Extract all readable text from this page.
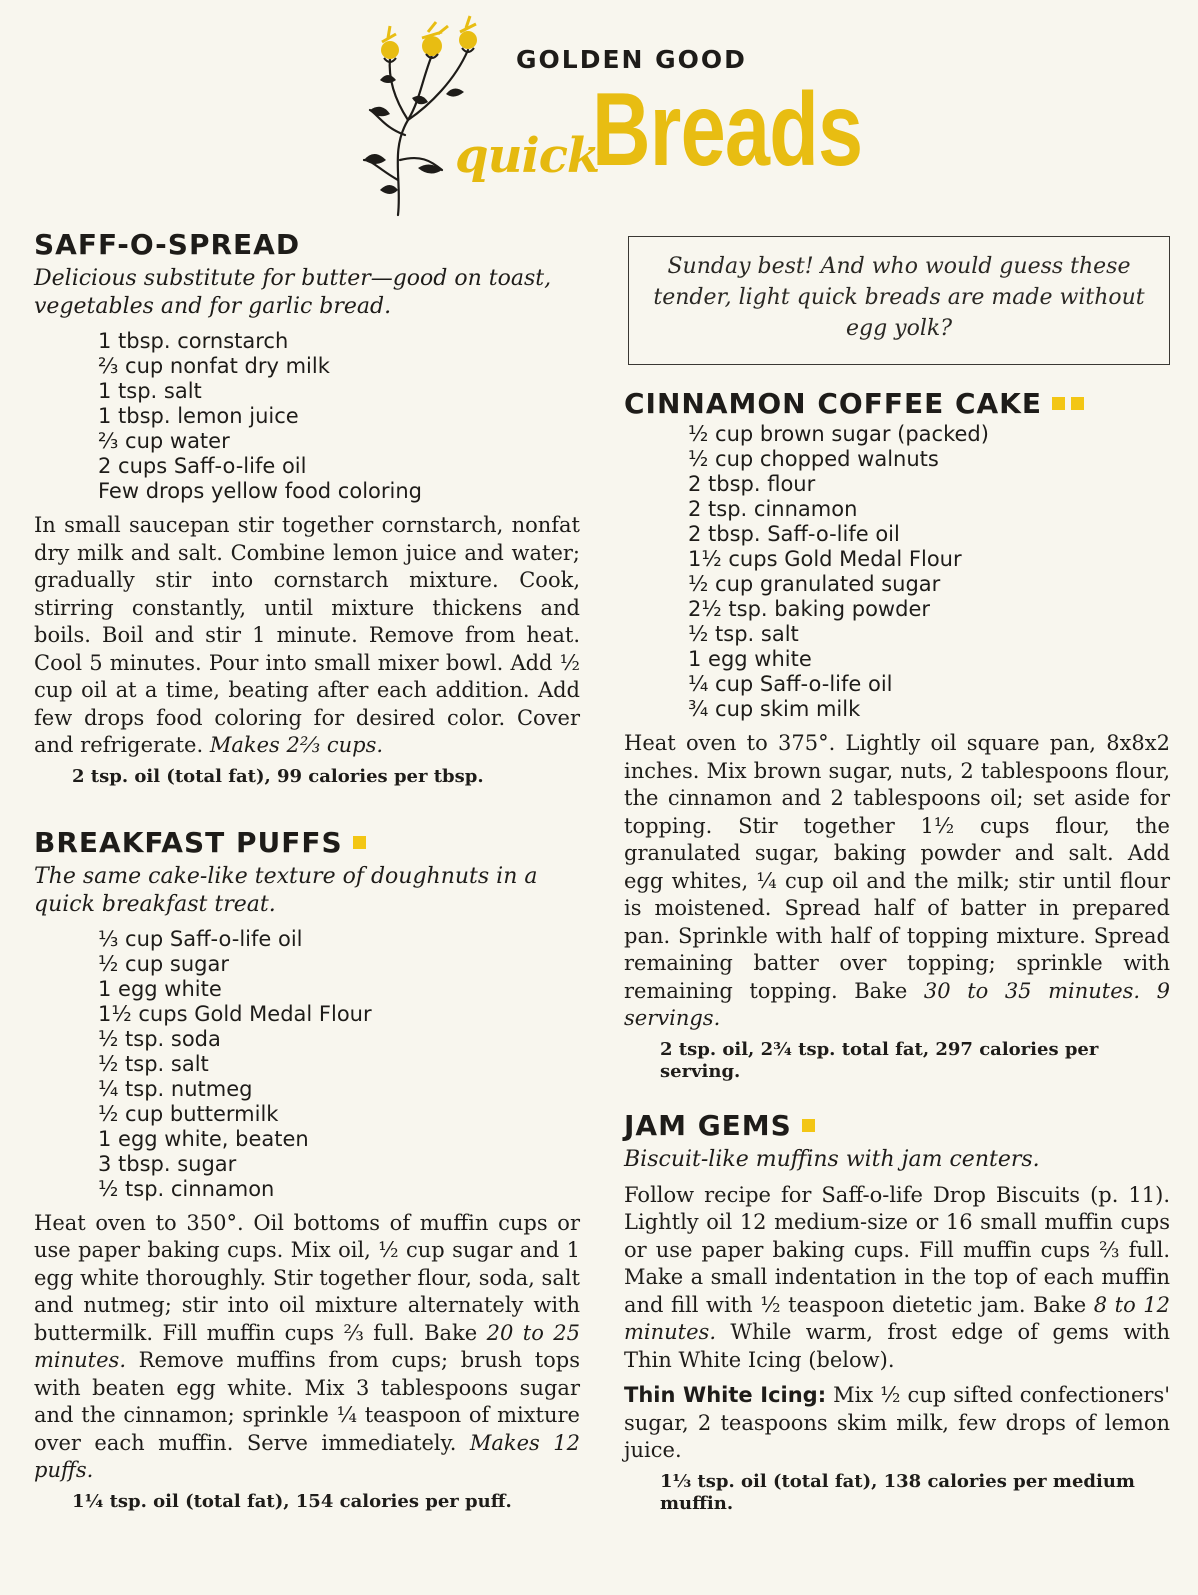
GOLDEN GOOD
quick
Breads
SAFF-O-SPREAD

Delicious substitute for butter—good on toast, vegetables and for garlic bread.

1 tbsp. cornstarch
⅔ cup nonfat dry milk
1 tsp. salt
1 tbsp. lemon juice
⅔ cup water
2 cups Saff-o-life oil
Few drops yellow food coloring

In small saucepan stir together cornstarch, nonfat dry milk and salt. Combine lemon juice and water; gradually stir into cornstarch mixture. Cook, stirring constantly, until mixture thickens and boils. Boil and stir 1 minute. Remove from heat. Cool 5 minutes. Pour into small mixer bowl. Add ½ cup oil at a time, beating after each addition. Add few drops food coloring for desired color. Cover and refrigerate. Makes 2⅔ cups.

2 tsp. oil (total fat), 99 calories per tbsp.

BREAKFAST PUFFS

The same cake-like texture of doughnuts in a quick breakfast treat.

⅓ cup Saff-o-life oil
½ cup sugar
1 egg white
1½ cups Gold Medal Flour
½ tsp. soda
½ tsp. salt
¼ tsp. nutmeg
½ cup buttermilk
1 egg white, beaten
3 tbsp. sugar
½ tsp. cinnamon

Heat oven to 350°. Oil bottoms of muffin cups or use paper baking cups. Mix oil, ½ cup sugar and 1 egg white thoroughly. Stir together flour, soda, salt and nutmeg; stir into oil mixture alternately with buttermilk. Fill muffin cups ⅔ full. Bake 20 to 25 minutes. Remove muffins from cups; brush tops with beaten egg white. Mix 3 tablespoons sugar and the cinnamon; sprinkle ¼ teaspoon of mixture over each muffin. Serve immediately. Makes 12 puffs.

1¼ tsp. oil (total fat), 154 calories per puff.

Sunday best! And who would guess these tender, light quick breads are made without egg yolk?
CINNAMON COFFEE CAKE
½ cup brown sugar (packed)
½ cup chopped walnuts
2 tbsp. flour
2 tsp. cinnamon
2 tbsp. Saff-o-life oil
1½ cups Gold Medal Flour
½ cup granulated sugar
2½ tsp. baking powder
½ tsp. salt
1 egg white
¼ cup Saff-o-life oil
¾ cup skim milk

Heat oven to 375°. Lightly oil square pan, 8x8x2 inches. Mix brown sugar, nuts, 2 tablespoons flour, the cinnamon and 2 tablespoons oil; set aside for topping. Stir together 1½ cups flour, the granulated sugar, baking powder and salt. Add egg whites, ¼ cup oil and the milk; stir until flour is moistened. Spread half of batter in prepared pan. Sprinkle with half of topping mixture. Spread remaining batter over topping; sprinkle with remaining topping. Bake 30 to 35 minutes. 9 servings.

2 tsp. oil, 2¾ tsp. total fat, 297 calories per serving.

JAM GEMS

Biscuit-like muffins with jam centers.

Follow recipe for Saff-o-life Drop Biscuits (p. 11). Lightly oil 12 medium-size or 16 small muffin cups or use paper baking cups. Fill muffin cups ⅔ full. Make a small indentation in the top of each muffin and fill with ½ teaspoon dietetic jam. Bake 8 to 12 minutes. While warm, frost edge of gems with Thin White Icing (below).

Thin White Icing: Mix ½ cup sifted confectioners' sugar, 2 teaspoons skim milk, few drops of lemon juice.

1⅓ tsp. oil (total fat), 138 calories per medium muffin.
